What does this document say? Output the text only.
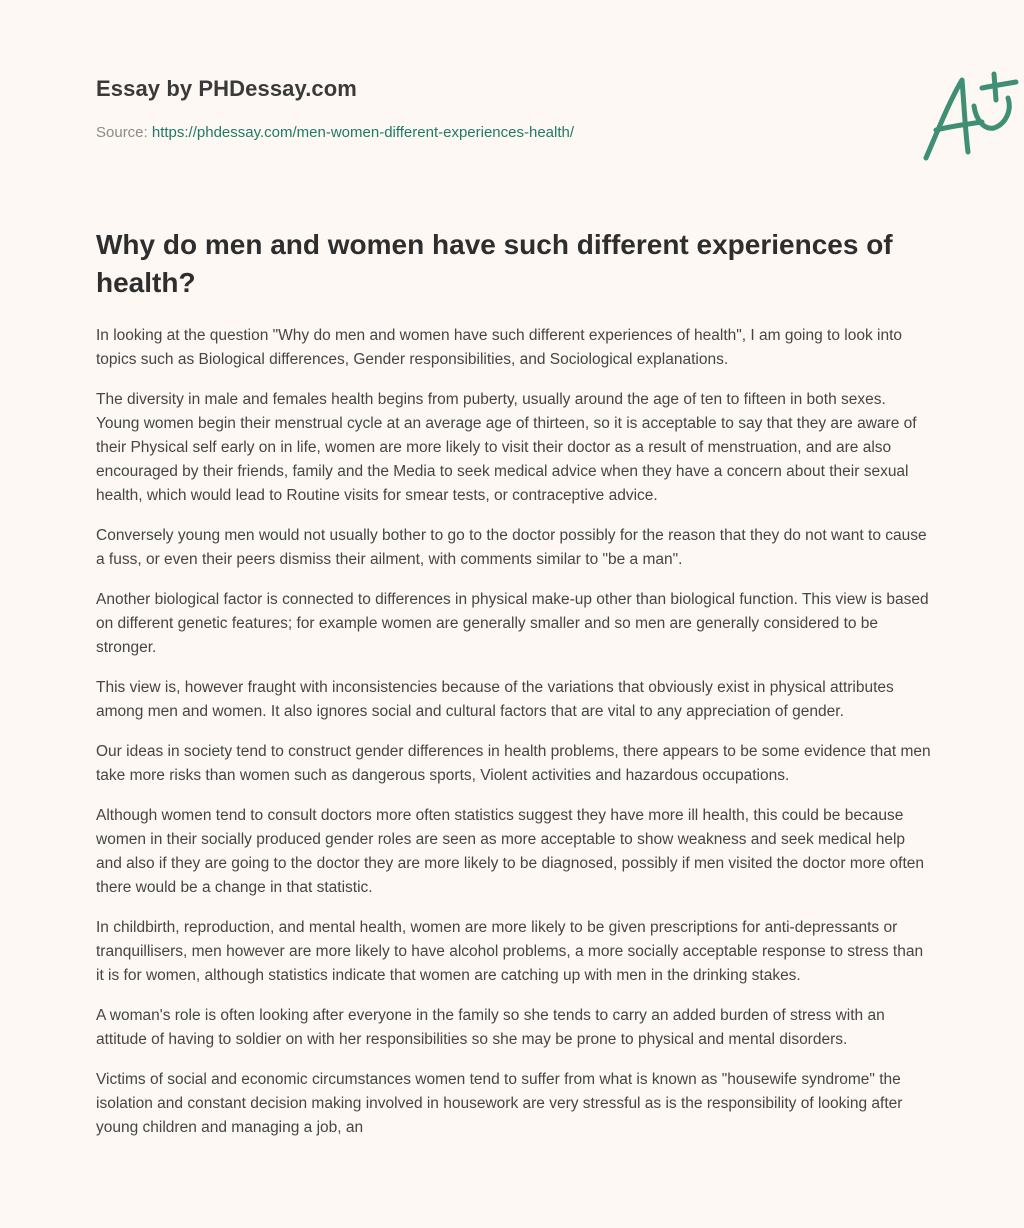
Essay by PHDessay.com
Source: https://phdessay.com/men-women-different-experiences-health/
Why do men and women have such different experiences of health?

In looking at the question "Why do men and women have such different experiences of health", I am going to look into topics such as Biological differences, Gender responsibilities, and Sociological explanations.

The diversity in male and females health begins from puberty, usually around the age of ten to fifteen in both sexes. Young women begin their menstrual cycle at an average age of thirteen, so it is acceptable to say that they are aware of their Physical self early on in life, women are more likely to visit their doctor as a result of menstruation, and are also encouraged by their friends, family and the Media to seek medical advice when they have a concern about their sexual health, which would lead to Routine visits for smear tests, or contraceptive advice.

Conversely young men would not usually bother to go to the doctor possibly for the reason that they do not want to cause a fuss, or even their peers dismiss their ailment, with comments similar to "be a man".

Another biological factor is connected to differences in physical make-up other than biological function. This view is based on different genetic features; for example women are generally smaller and so men are generally considered to be stronger.

This view is, however fraught with inconsistencies because of the variations that obviously exist in physical attributes among men and women. It also ignores social and cultural factors that are vital to any appreciation of gender.

Our ideas in society tend to construct gender differences in health problems, there appears to be some evidence that men take more risks than women such as dangerous sports, Violent activities and hazardous occupations.

Although women tend to consult doctors more often statistics suggest they have more ill health, this could be because women in their socially produced gender roles are seen as more acceptable to show weakness and seek medical help and also if they are going to the doctor they are more likely to be diagnosed, possibly if men visited the doctor more often there would be a change in that statistic.

In childbirth, reproduction, and mental health, women are more likely to be given prescriptions for anti-depressants or tranquillisers, men however are more likely to have alcohol problems, a more socially acceptable response to stress than it is for women, although statistics indicate that women are catching up with men in the drinking stakes.

A woman's role is often looking after everyone in the family so she tends to carry an added burden of stress with an attitude of having to soldier on with her responsibilities so she may be prone to physical and mental disorders.

Victims of social and economic circumstances women tend to suffer from what is known as "housewife syndrome" the isolation and constant decision making involved in housework are very stressful as is the responsibility of looking after young children and managing a job, an
